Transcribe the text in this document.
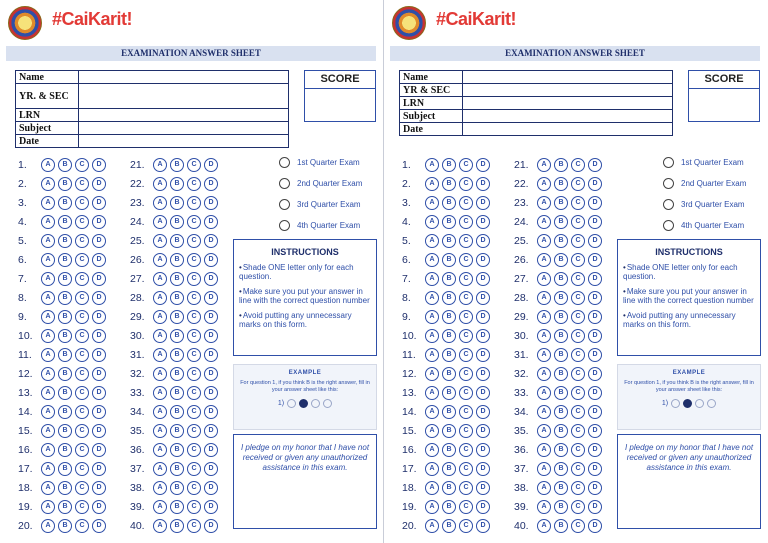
#CaiKarit!
EXAMINATION ANSWER SHEET
Name	
YR. & SEC	
LRN	
Subject	
Date	
SCORE
1.	A	B	C	D
2.	A	B	C	D
3.	A	B	C	D
4.	A	B	C	D
5.	A	B	C	D
6.	A	B	C	D
7.	A	B	C	D
8.	A	B	C	D
9.	A	B	C	D
10.	A	B	C	D
11.	A	B	C	D
12.	A	B	C	D
13.	A	B	C	D
14.	A	B	C	D
15.	A	B	C	D
16.	A	B	C	D
17.	A	B	C	D
18.	A	B	C	D
19.	A	B	C	D
20.	A	B	C	D
21.	A	B	C	D
22.	A	B	C	D
23.	A	B	C	D
24.	A	B	C	D
25.	A	B	C	D
26.	A	B	C	D
27.	A	B	C	D
28.	A	B	C	D
29.	A	B	C	D
30.	A	B	C	D
31.	A	B	C	D
32.	A	B	C	D
33.	A	B	C	D
34.	A	B	C	D
35.	A	B	C	D
36.	A	B	C	D
37.	A	B	C	D
38.	A	B	C	D
39.	A	B	C	D
40.	A	B	C	D
1st Quarter Exam
2nd Quarter Exam
3rd Quarter Exam
4th Quarter Exam
INSTRUCTIONS
• Shade ONE letter only for each question.
• Make sure you put your answer in line with the correct question number
• Avoid putting any unnecessary marks on this form.
EXAMPLE
For question 1, if you think B is the right answer, fill in your answer sheet like this:
1)
I pledge on my honor that I have not received or given any unauthorized assistance in this exam.
#CaiKarit!
EXAMINATION ANSWER SHEET
Name	
YR & SEC	
LRN	
Subject	
Date	
SCORE
1.	A	B	C	D
2.	A	B	C	D
3.	A	B	C	D
4.	A	B	C	D
5.	A	B	C	D
6.	A	B	C	D
7.	A	B	C	D
8.	A	B	C	D
9.	A	B	C	D
10.	A	B	C	D
11.	A	B	C	D
12.	A	B	C	D
13.	A	B	C	D
14.	A	B	C	D
15.	A	B	C	D
16.	A	B	C	D
17.	A	B	C	D
18.	A	B	C	D
19.	A	B	C	D
20.	A	B	C	D
21.	A	B	C	D
22.	A	B	C	D
23.	A	B	C	D
24.	A	B	C	D
25.	A	B	C	D
26.	A	B	C	D
27.	A	B	C	D
28.	A	B	C	D
29.	A	B	C	D
30.	A	B	C	D
31.	A	B	C	D
32.	A	B	C	D
33.	A	B	C	D
34.	A	B	C	D
35.	A	B	C	D
36.	A	B	C	D
37.	A	B	C	D
38.	A	B	C	D
39.	A	B	C	D
40.	A	B	C	D
1st Quarter Exam
2nd Quarter Exam
3rd Quarter Exam
4th Quarter Exam
INSTRUCTIONS
• Shade ONE letter only for each question.
• Make sure you put your answer in line with the correct question number
• Avoid putting any unnecessary marks on this form.
EXAMPLE
For question 1, if you think B is the right answer, fill in your answer sheet like this:
1)
I pledge on my honor that I have not received or given any unauthorized assistance in this exam.
